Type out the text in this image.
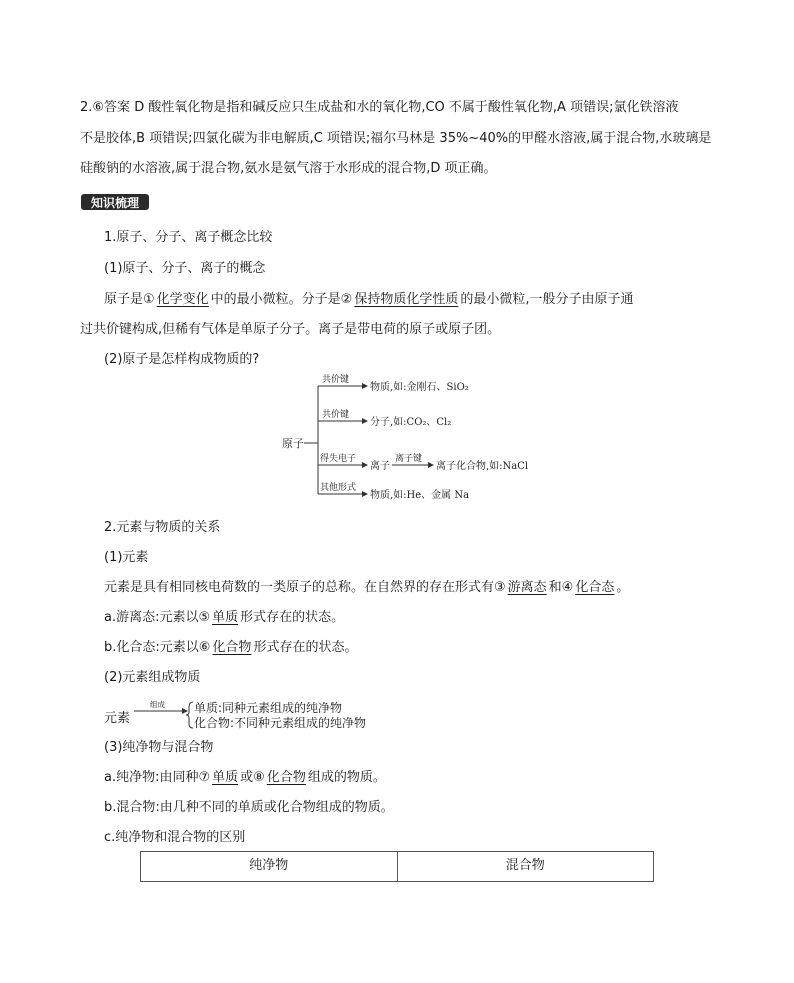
2.⑥答案 D 酸性氧化物是指和碱反应只生成盐和水的氧化物,CO 不属于酸性氧化物,A 项错误;氯化铁溶液
不是胶体,B 项错误;四氯化碳为非电解质,C 项错误;福尔马林是 35%~40%的甲醛水溶液,属于混合物,水玻璃是
硅酸钠的水溶液,属于混合物,氨水是氨气溶于水形成的混合物,D 项正确。
知识梳理
1.原子、分子、离子概念比较
(1)原子、分子、离子的概念
原子是① 化学变化 中的最小微粒。分子是② 保持物质化学性质 的最小微粒,一般分子由原子通
过共价键构成,但稀有气体是单原子分子。离子是带电荷的原子或原子团。
(2)原子是怎样构成物质的?
原子
共价键
物质,如:金刚石、SiO₂
共价键
分子,如:CO₂、Cl₂
得失电子
离子
离子键
离子化合物,如:NaCl
其他形式
物质,如:He、金属 Na
2.元素与物质的关系
(1)元素
元素是具有相同核电荷数的一类原子的总称。在自然界的存在形式有③ 游离态 和④ 化合态 。
a.游离态:元素以⑤ 单质 形式存在的状态。
b.化合态:元素以⑥ 化合物 形式存在的状态。
(2)元素组成物质
元素
组成 单质:同种元素组成的纯净物
化合物:不同种元素组成的纯净物
(3)纯净物与混合物
a.纯净物:由同种⑦ 单质 或⑧ 化合物 组成的物质。
b.混合物:由几种不同的单质或化合物组成的物质。
c.纯净物和混合物的区别
纯净物	混合物
